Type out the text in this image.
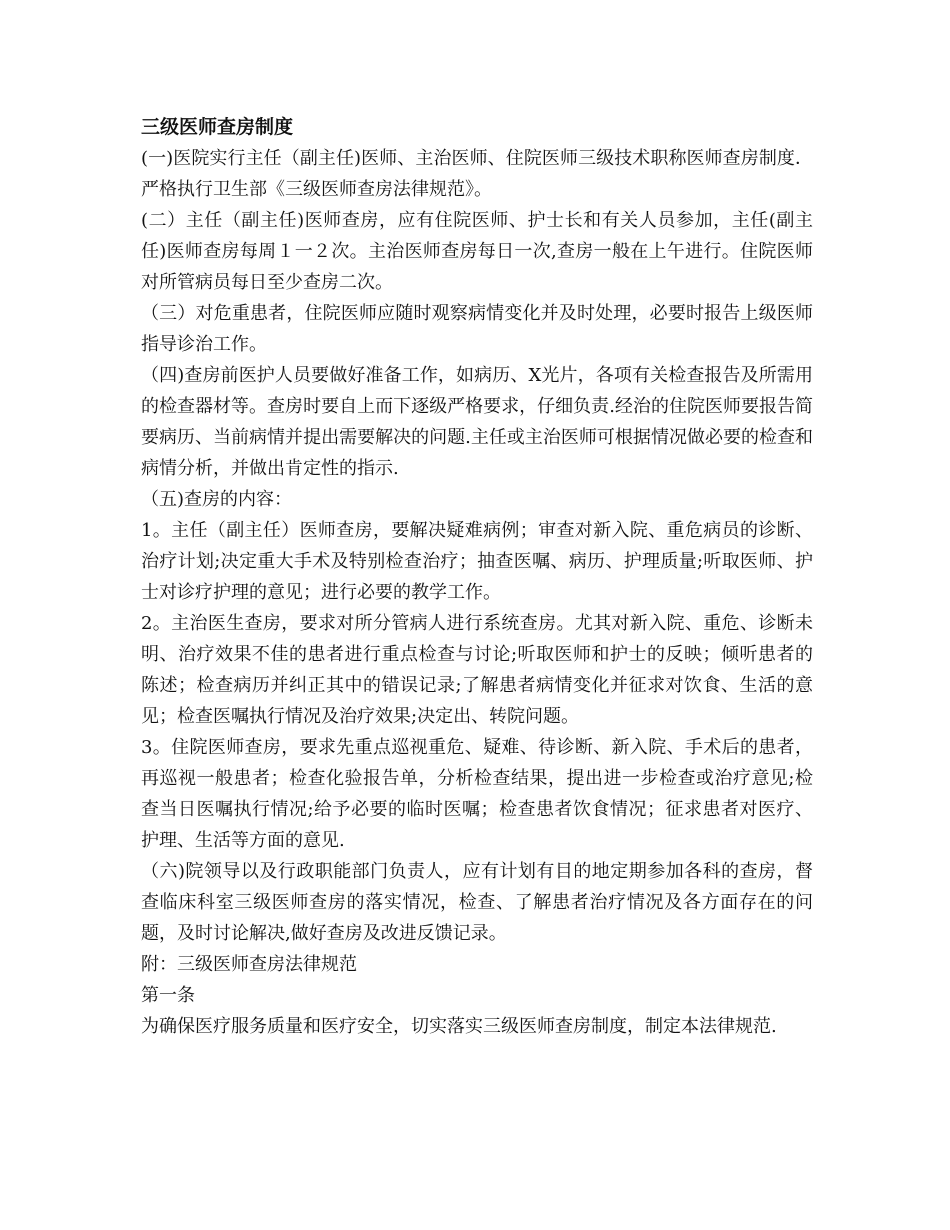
三级医师查房制度

(一)医院实行主任（副主任)医师、主治医师、住院医师三级技术职称医师查房制度．严格执行卫生部《三级医师查房法律规范》。

(二）主任（副主任)医师查房，应有住院医师、护士长和有关人员参加，主任(副主任)医师查房每周１一２次。主治医师查房每日一次,查房一般在上午进行。住院医师对所管病员每日至少查房二次。

（三）对危重患者，住院医师应随时观察病情变化并及时处理，必要时报告上级医师指导诊治工作。

（四)查房前医护人员要做好准备工作，如病历、X光片，各项有关检查报告及所需用的检查器材等。查房时要自上而下逐级严格要求，仔细负责.经治的住院医师要报告简要病历、当前病情并提出需要解决的问题.主任或主治医师可根据情况做必要的检查和病情分析，并做出肯定性的指示.

（五)查房的内容：

1。主任（副主任）医师查房，要解决疑难病例；审查对新入院、重危病员的诊断、治疗计划;决定重大手术及特别检查治疗；抽查医嘱、病历、护理质量;听取医师、护士对诊疗护理的意见；进行必要的教学工作。

2。主治医生查房，要求对所分管病人进行系统查房。尤其对新入院、重危、诊断未明、治疗效果不佳的患者进行重点检查与讨论;听取医师和护士的反映；倾听患者的陈述；检查病历并纠正其中的错误记录;了解患者病情变化并征求对饮食、生活的意见；检查医嘱执行情况及治疗效果;决定出、转院问题。

3。住院医师查房，要求先重点巡视重危、疑难、待诊断、新入院、手术后的患者，再巡视一般患者；检查化验报告单，分析检查结果，提出进一步检查或治疗意见;检查当日医嘱执行情况;给予必要的临时医嘱；检查患者饮食情况；征求患者对医疗、护理、生活等方面的意见.

（六)院领导以及行政职能部门负责人，应有计划有目的地定期参加各科的查房，督查临床科室三级医师查房的落实情况，检查、了解患者治疗情况及各方面存在的问题，及时讨论解决,做好查房及改进反馈记录。

附：三级医师查房法律规范

第一条

为确保医疗服务质量和医疗安全，切实落实三级医师查房制度，制定本法律规范.
